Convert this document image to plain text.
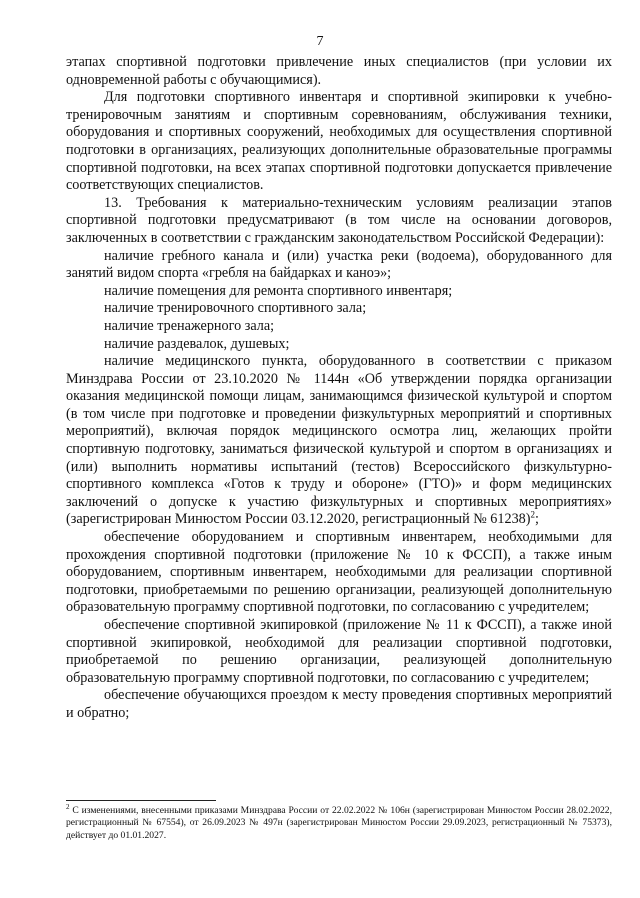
7

этапах спортивной подготовки привлечение иных специалистов (при условии их одновременной работы с обучающимися).

Для подготовки спортивного инвентаря и спортивной экипировки к учебно-тренировочным занятиям и спортивным соревнованиям, обслуживания техники, оборудования и спортивных сооружений, необходимых для осуществления спортивной подготовки в организациях, реализующих дополнительные образовательные программы спортивной подготовки, на всех этапах спортивной подготовки допускается привлечение соответствующих специалистов.

13. Требования к материально-техническим условиям реализации этапов спортивной подготовки предусматривают (в том числе на основании договоров, заключенных в соответствии с гражданским законодательством Российской Федерации):

наличие гребного канала и (или) участка реки (водоема), оборудованного для занятий видом спорта «гребля на байдарках и каноэ»;

наличие помещения для ремонта спортивного инвентаря;

наличие тренировочного спортивного зала;

наличие тренажерного зала;

наличие раздевалок, душевых;

наличие медицинского пункта, оборудованного в соответствии с приказом Минздрава России от 23.10.2020 № 1144н «Об утверждении порядка организации оказания медицинской помощи лицам, занимающимся физической культурой и спортом (в том числе при подготовке и проведении физкультурных мероприятий и спортивных мероприятий), включая порядок медицинского осмотра лиц, желающих пройти спортивную подготовку, заниматься физической культурой и спортом в организациях и (или) выполнить нормативы испытаний (тестов) Всероссийского физкультурно-спортивного комплекса «Готов к труду и обороне» (ГТО)» и форм медицинских заключений о допуске к участию физкультурных и спортивных мероприятиях» (зарегистрирован Минюстом России 03.12.2020, регистрационный № 61238)$^2$;

обеспечение оборудованием и спортивным инвентарем, необходимыми для прохождения спортивной подготовки (приложение № 10 к ФССП), а также иным оборудованием, спортивным инвентарем, необходимыми для реализации спортивной подготовки, приобретаемыми по решению организации, реализующей дополнительную образовательную программу спортивной подготовки, по согласованию с учредителем;

обеспечение спортивной экипировкой (приложение № 11 к ФССП), а также иной спортивной экипировкой, необходимой для реализации спортивной подготовки, приобретаемой по решению организации, реализующей дополнительную образовательную программу спортивной подготовки, по согласованию с учредителем;

обеспечение обучающихся проездом к месту проведения спортивных мероприятий и обратно;

$^2$ С изменениями, внесенными приказами Минздрава России от 22.02.2022 № 106н (зарегистрирован Минюстом России 28.02.2022, регистрационный № 67554), от 26.09.2023 № 497н (зарегистрирован Минюстом России 29.09.2023, регистрационный № 75373), действует до 01.01.2027.
